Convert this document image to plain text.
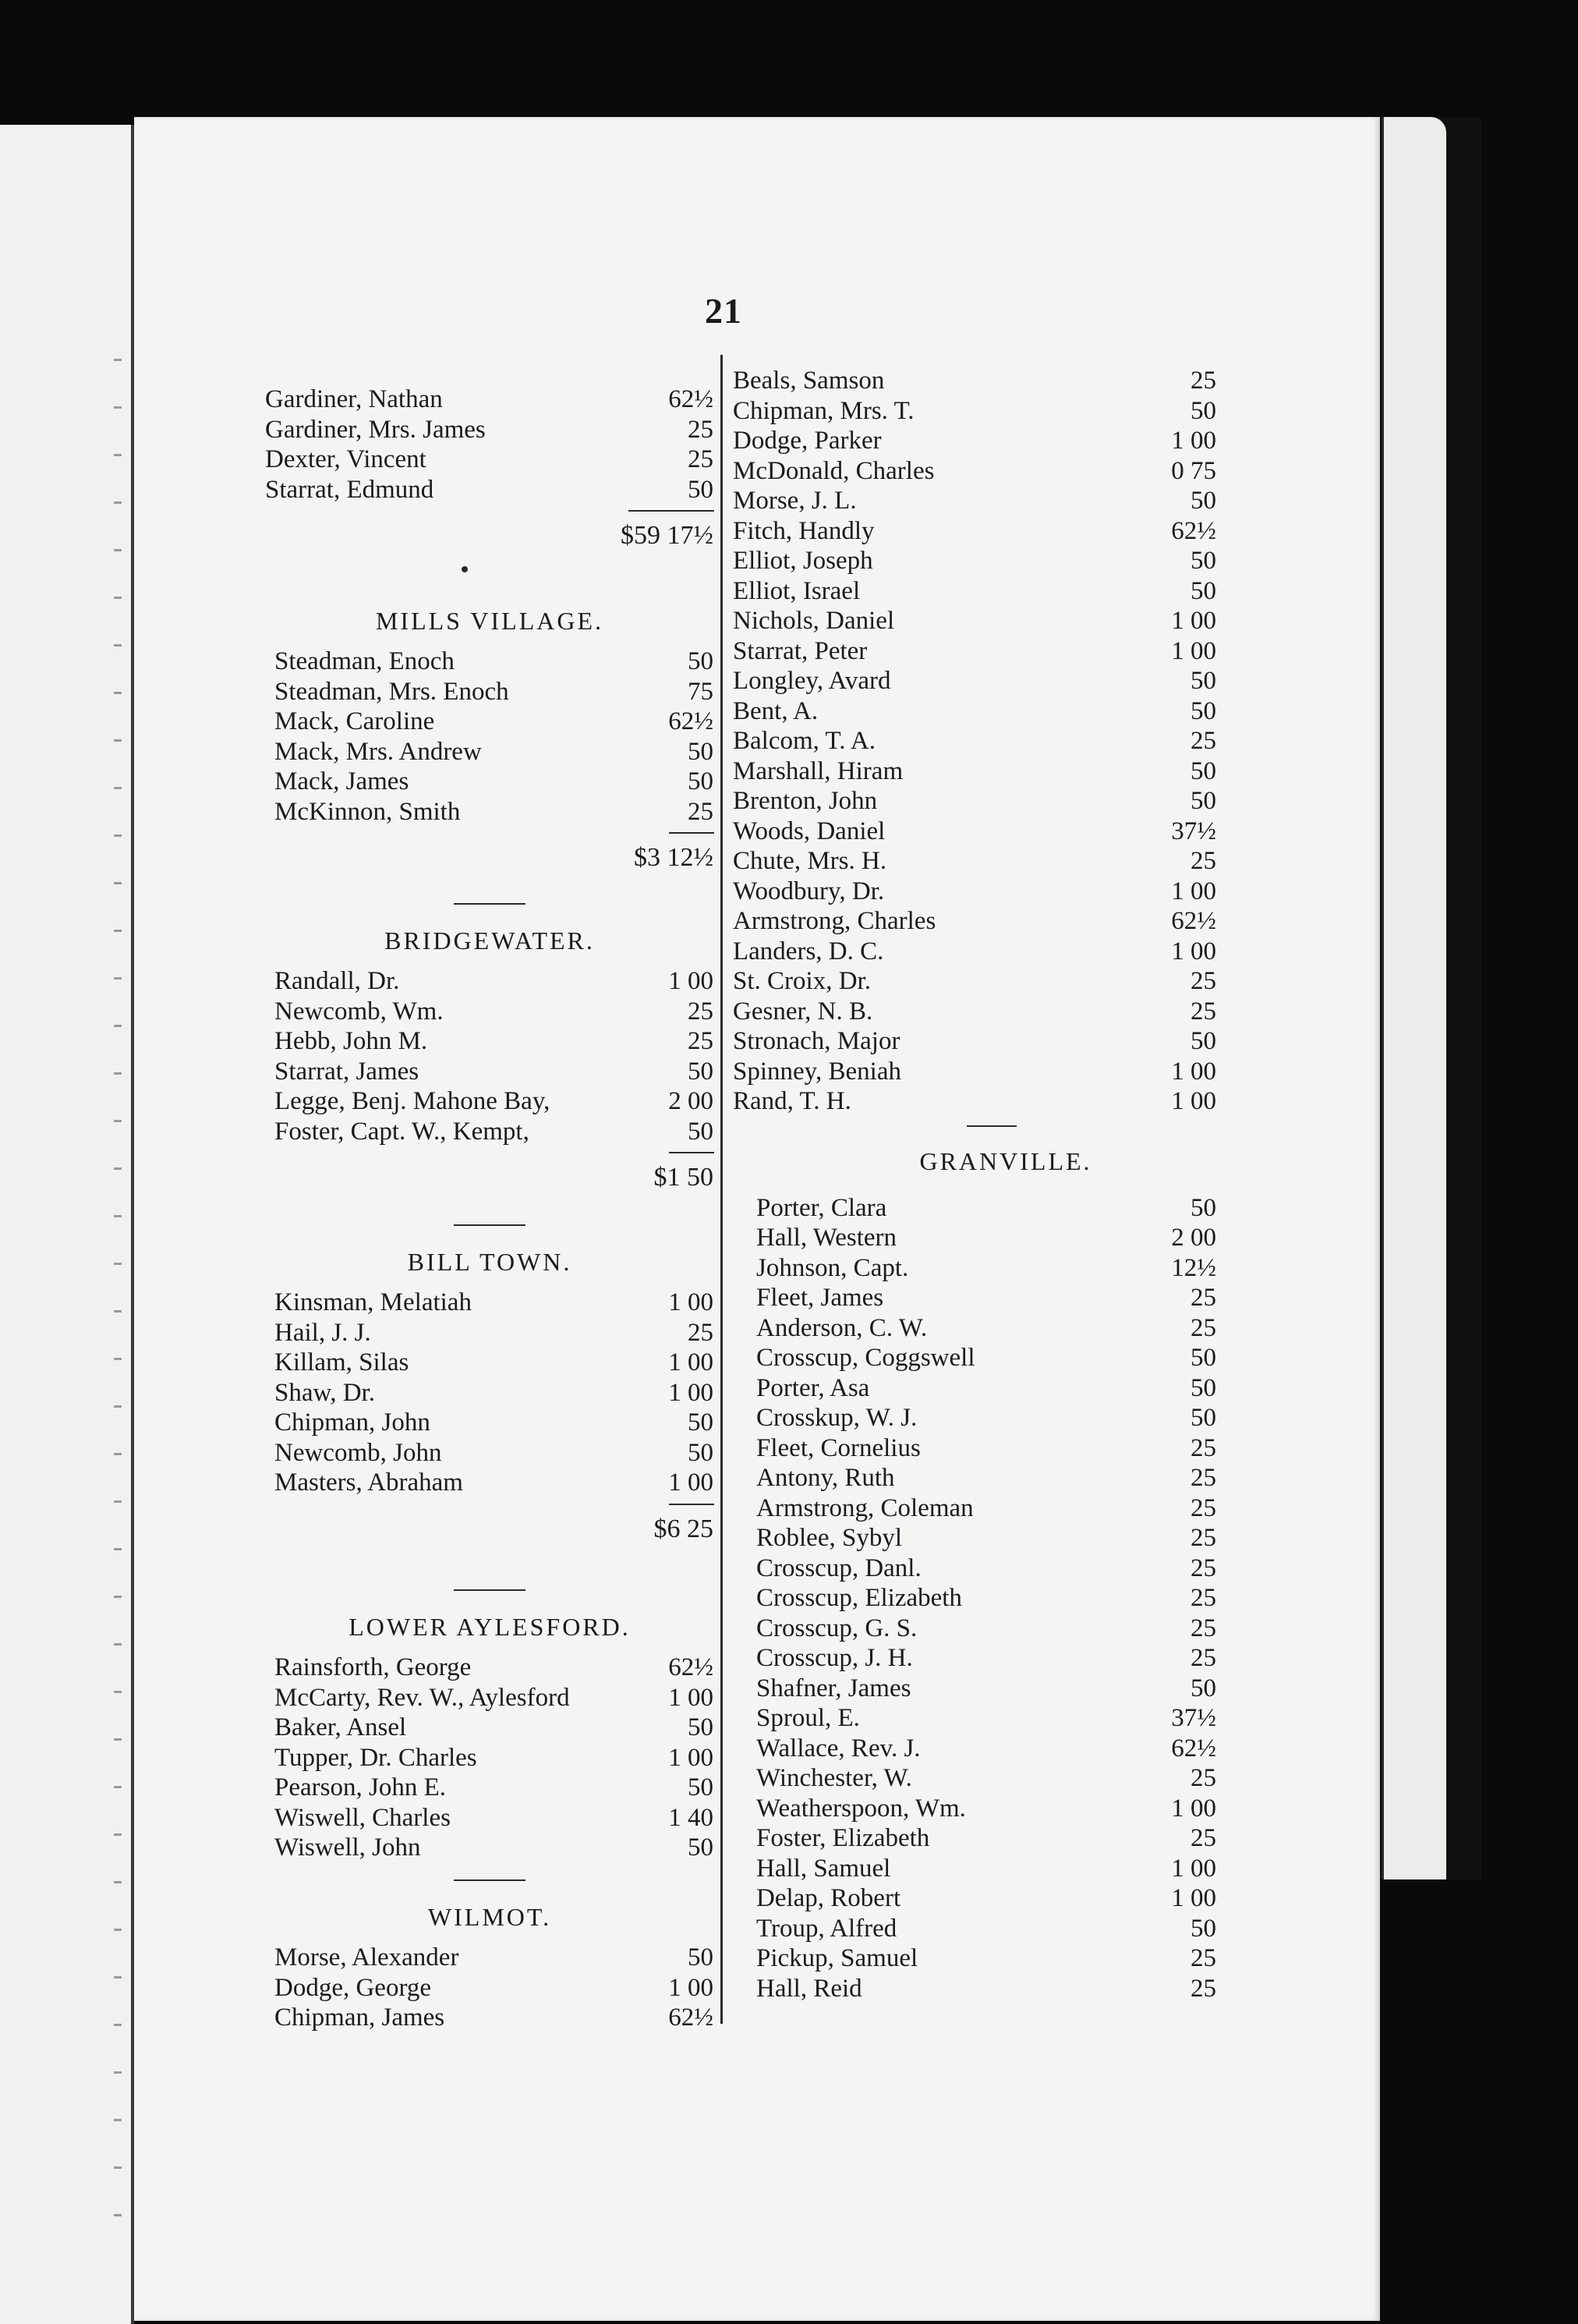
21
Gardiner, Nathan	62½
Gardiner, Mrs. James	25
Dexter, Vincent	25
Starrat, Edmund	50
$59 17½
MILLS VILLAGE.
Steadman, Enoch	50
Steadman, Mrs. Enoch	75
Mack, Caroline	62½
Mack, Mrs. Andrew	50
Mack, James	50
McKinnon, Smith	25
$3 12½
BRIDGEWATER.
Randall, Dr.	1 00
Newcomb, Wm.	25
Hebb, John M.	25
Starrat, James	50
Legge, Benj. Mahone Bay,	2 00
Foster, Capt. W., Kempt,	50
$1 50
BILL TOWN.
Kinsman, Melatiah	1 00
Hail, J. J.	25
Killam, Silas	1 00
Shaw, Dr.	1 00
Chipman, John	50
Newcomb, John	50
Masters, Abraham	1 00
$6 25
LOWER AYLESFORD.
Rainsforth, George	62½
McCarty, Rev. W., Aylesford	1 00
Baker, Ansel	50
Tupper, Dr. Charles	1 00
Pearson, John E.	50
Wiswell, Charles	1 40
Wiswell, John	50
WILMOT.
Morse, Alexander	50
Dodge, George	1 00
Chipman, James	62½
Beals, Samson	25
Chipman, Mrs. T.	50
Dodge, Parker	1 00
McDonald, Charles	0 75
Morse, J. L.	50
Fitch, Handly	62½
Elliot, Joseph	50
Elliot, Israel	50
Nichols, Daniel	1 00
Starrat, Peter	1 00
Longley, Avard	50
Bent, A.	50
Balcom, T. A.	25
Marshall, Hiram	50
Brenton, John	50
Woods, Daniel	37½
Chute, Mrs. H.	25
Woodbury, Dr.	1 00
Armstrong, Charles	62½
Landers, D. C.	1 00
St. Croix, Dr.	25
Gesner, N. B.	25
Stronach, Major	50
Spinney, Beniah	1 00
Rand, T. H.	1 00
GRANVILLE.
Porter, Clara	50
Hall, Western	2 00
Johnson, Capt.	12½
Fleet, James	25
Anderson, C. W.	25
Crosscup, Coggswell	50
Porter, Asa	50
Crosskup, W. J.	50
Fleet, Cornelius	25
Antony, Ruth	25
Armstrong, Coleman	25
Roblee, Sybyl	25
Crosscup, Danl.	25
Crosscup, Elizabeth	25
Crosscup, G. S.	25
Crosscup, J. H.	25
Shafner, James	50
Sproul, E.	37½
Wallace, Rev. J.	62½
Winchester, W.	25
Weatherspoon, Wm.	1 00
Foster, Elizabeth	25
Hall, Samuel	1 00
Delap, Robert	1 00
Troup, Alfred	50
Pickup, Samuel	25
Hall, Reid	25
